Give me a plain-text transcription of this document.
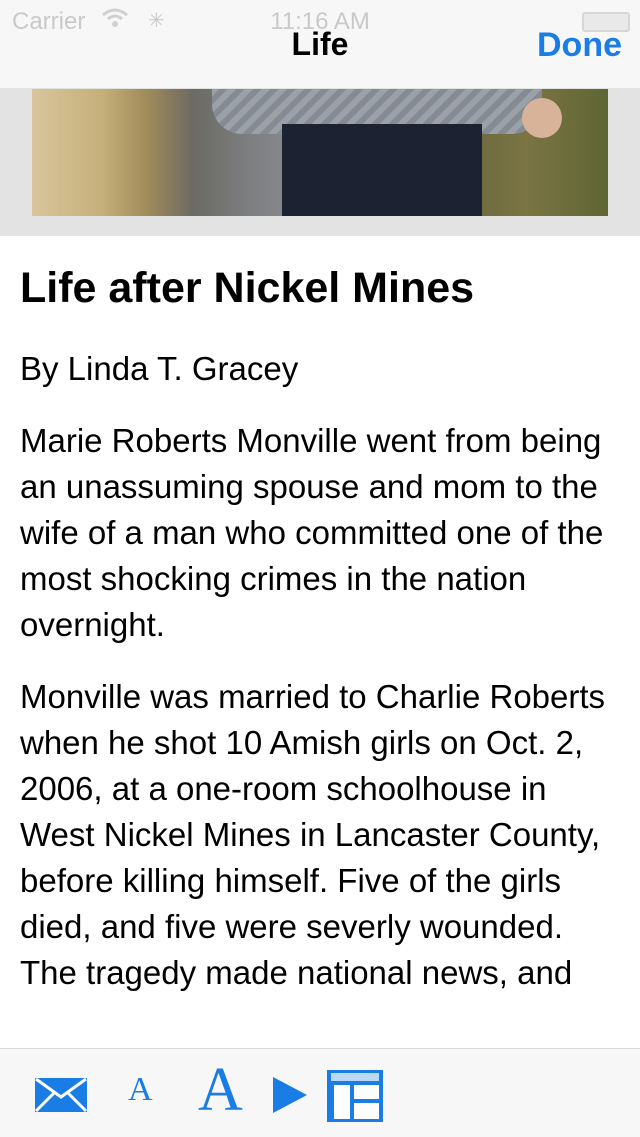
Carrier	✳	11:16 AM
Life	Done
Life after Nickel Mines
By Linda T. Gracey
Marie Roberts Monville went from being an unassuming spouse and mom to the wife of a man who committed one of the most shocking crimes in the nation overnight.
Monville was married to Charlie Roberts when he shot 10 Amish girls on Oct. 2, 2006, at a one-room schoolhouse in West Nickel Mines in Lancaster County, before killing himself. Five of the girls died, and five were severly wounded. The tragedy made national news, and
A A
